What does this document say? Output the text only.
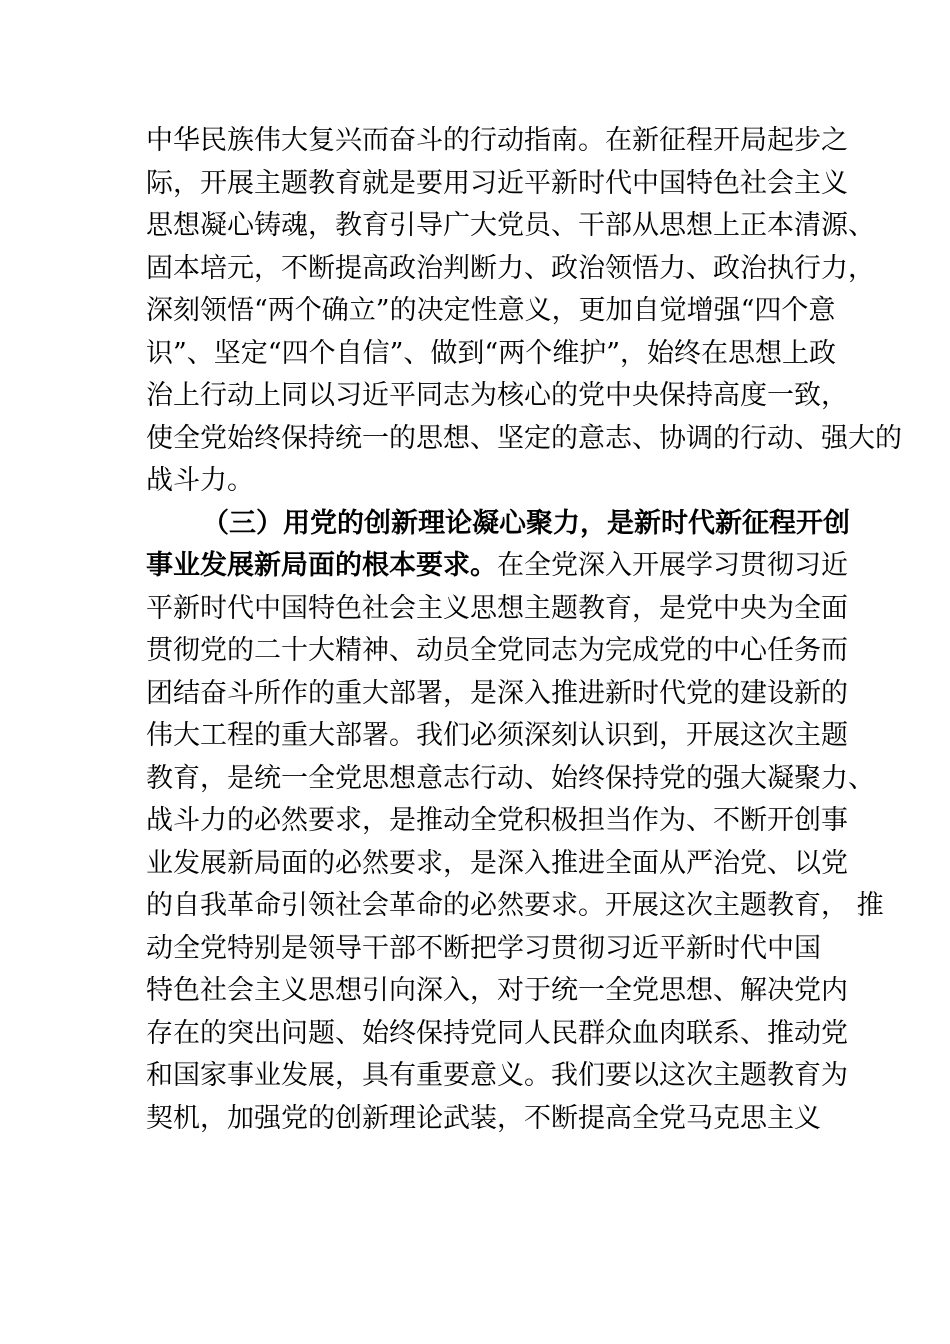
中华民族伟大复兴而奋斗的行动指南。在新征程开局起步之
际，开展主题教育就是要用习近平新时代中国特色社会主义
思想凝心铸魂，教育引导广大党员、干部从思想上正本清源、
固本培元，不断提高政治判断力、政治领悟力、政治执行力，
深刻领悟“两个确立”的决定性意义，更加自觉增强“四个意
识”、坚定“四个自信”、做到“两个维护”，始终在思想上政
治上行动上同以习近平同志为核心的党中央保持高度一致，
使全党始终保持统一的思想、坚定的意志、协调的行动、强大的
战斗力。
（三）用党的创新理论凝心聚力，是新时代新征程开创
事业发展新局面的根本要求。在全党深入开展学习贯彻习近
平新时代中国特色社会主义思想主题教育，是党中央为全面
贯彻党的二十大精神、动员全党同志为完成党的中心任务而
团结奋斗所作的重大部署，是深入推进新时代党的建设新的
伟大工程的重大部署。我们必须深刻认识到，开展这次主题
教育，是统一全党思想意志行动、始终保持党的强大凝聚力、
战斗力的必然要求，是推动全党积极担当作为、不断开创事
业发展新局面的必然要求，是深入推进全面从严治党、以党
的自我革命引领社会革命的必然要求。开展这次主题教育， 推
动全党特别是领导干部不断把学习贯彻习近平新时代中国
特色社会主义思想引向深入，对于统一全党思想、解决党内
存在的突出问题、始终保持党同人民群众血肉联系、推动党
和国家事业发展，具有重要意义。我们要以这次主题教育为
契机，加强党的创新理论武装，不断提高全党马克思主义
